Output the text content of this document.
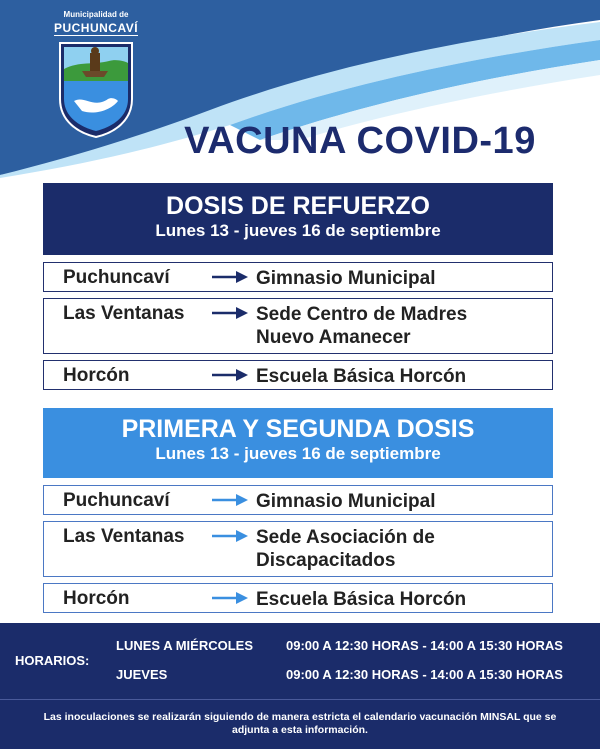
Municipalidad de
PUCHUNCAVÍ
VACUNA COVID-19
DOSIS DE REFUERZO
Lunes 13 - jueves 16 de septiembre
Puchuncaví	Gimnasio Municipal
Las Ventanas	Sede Centro de Madres
Nuevo Amanecer
Horcón	Escuela Básica Horcón
PRIMERA Y SEGUNDA DOSIS
Lunes 13 - jueves 16 de septiembre
Puchuncaví	Gimnasio Municipal
Las Ventanas	Sede Asociación de
Discapacitados
Horcón	Escuela Básica Horcón
HORARIOS:
LUNES A MIÉRCOLES	09:00 A 12:30 HORAS - 14:00 A 15:30 HORAS
JUEVES	09:00 A 12:30 HORAS - 14:00 A 15:30 HORAS
Las inoculaciones se realizarán siguiendo de manera estricta el calendario vacunación MINSAL que se adjunta a esta información.
